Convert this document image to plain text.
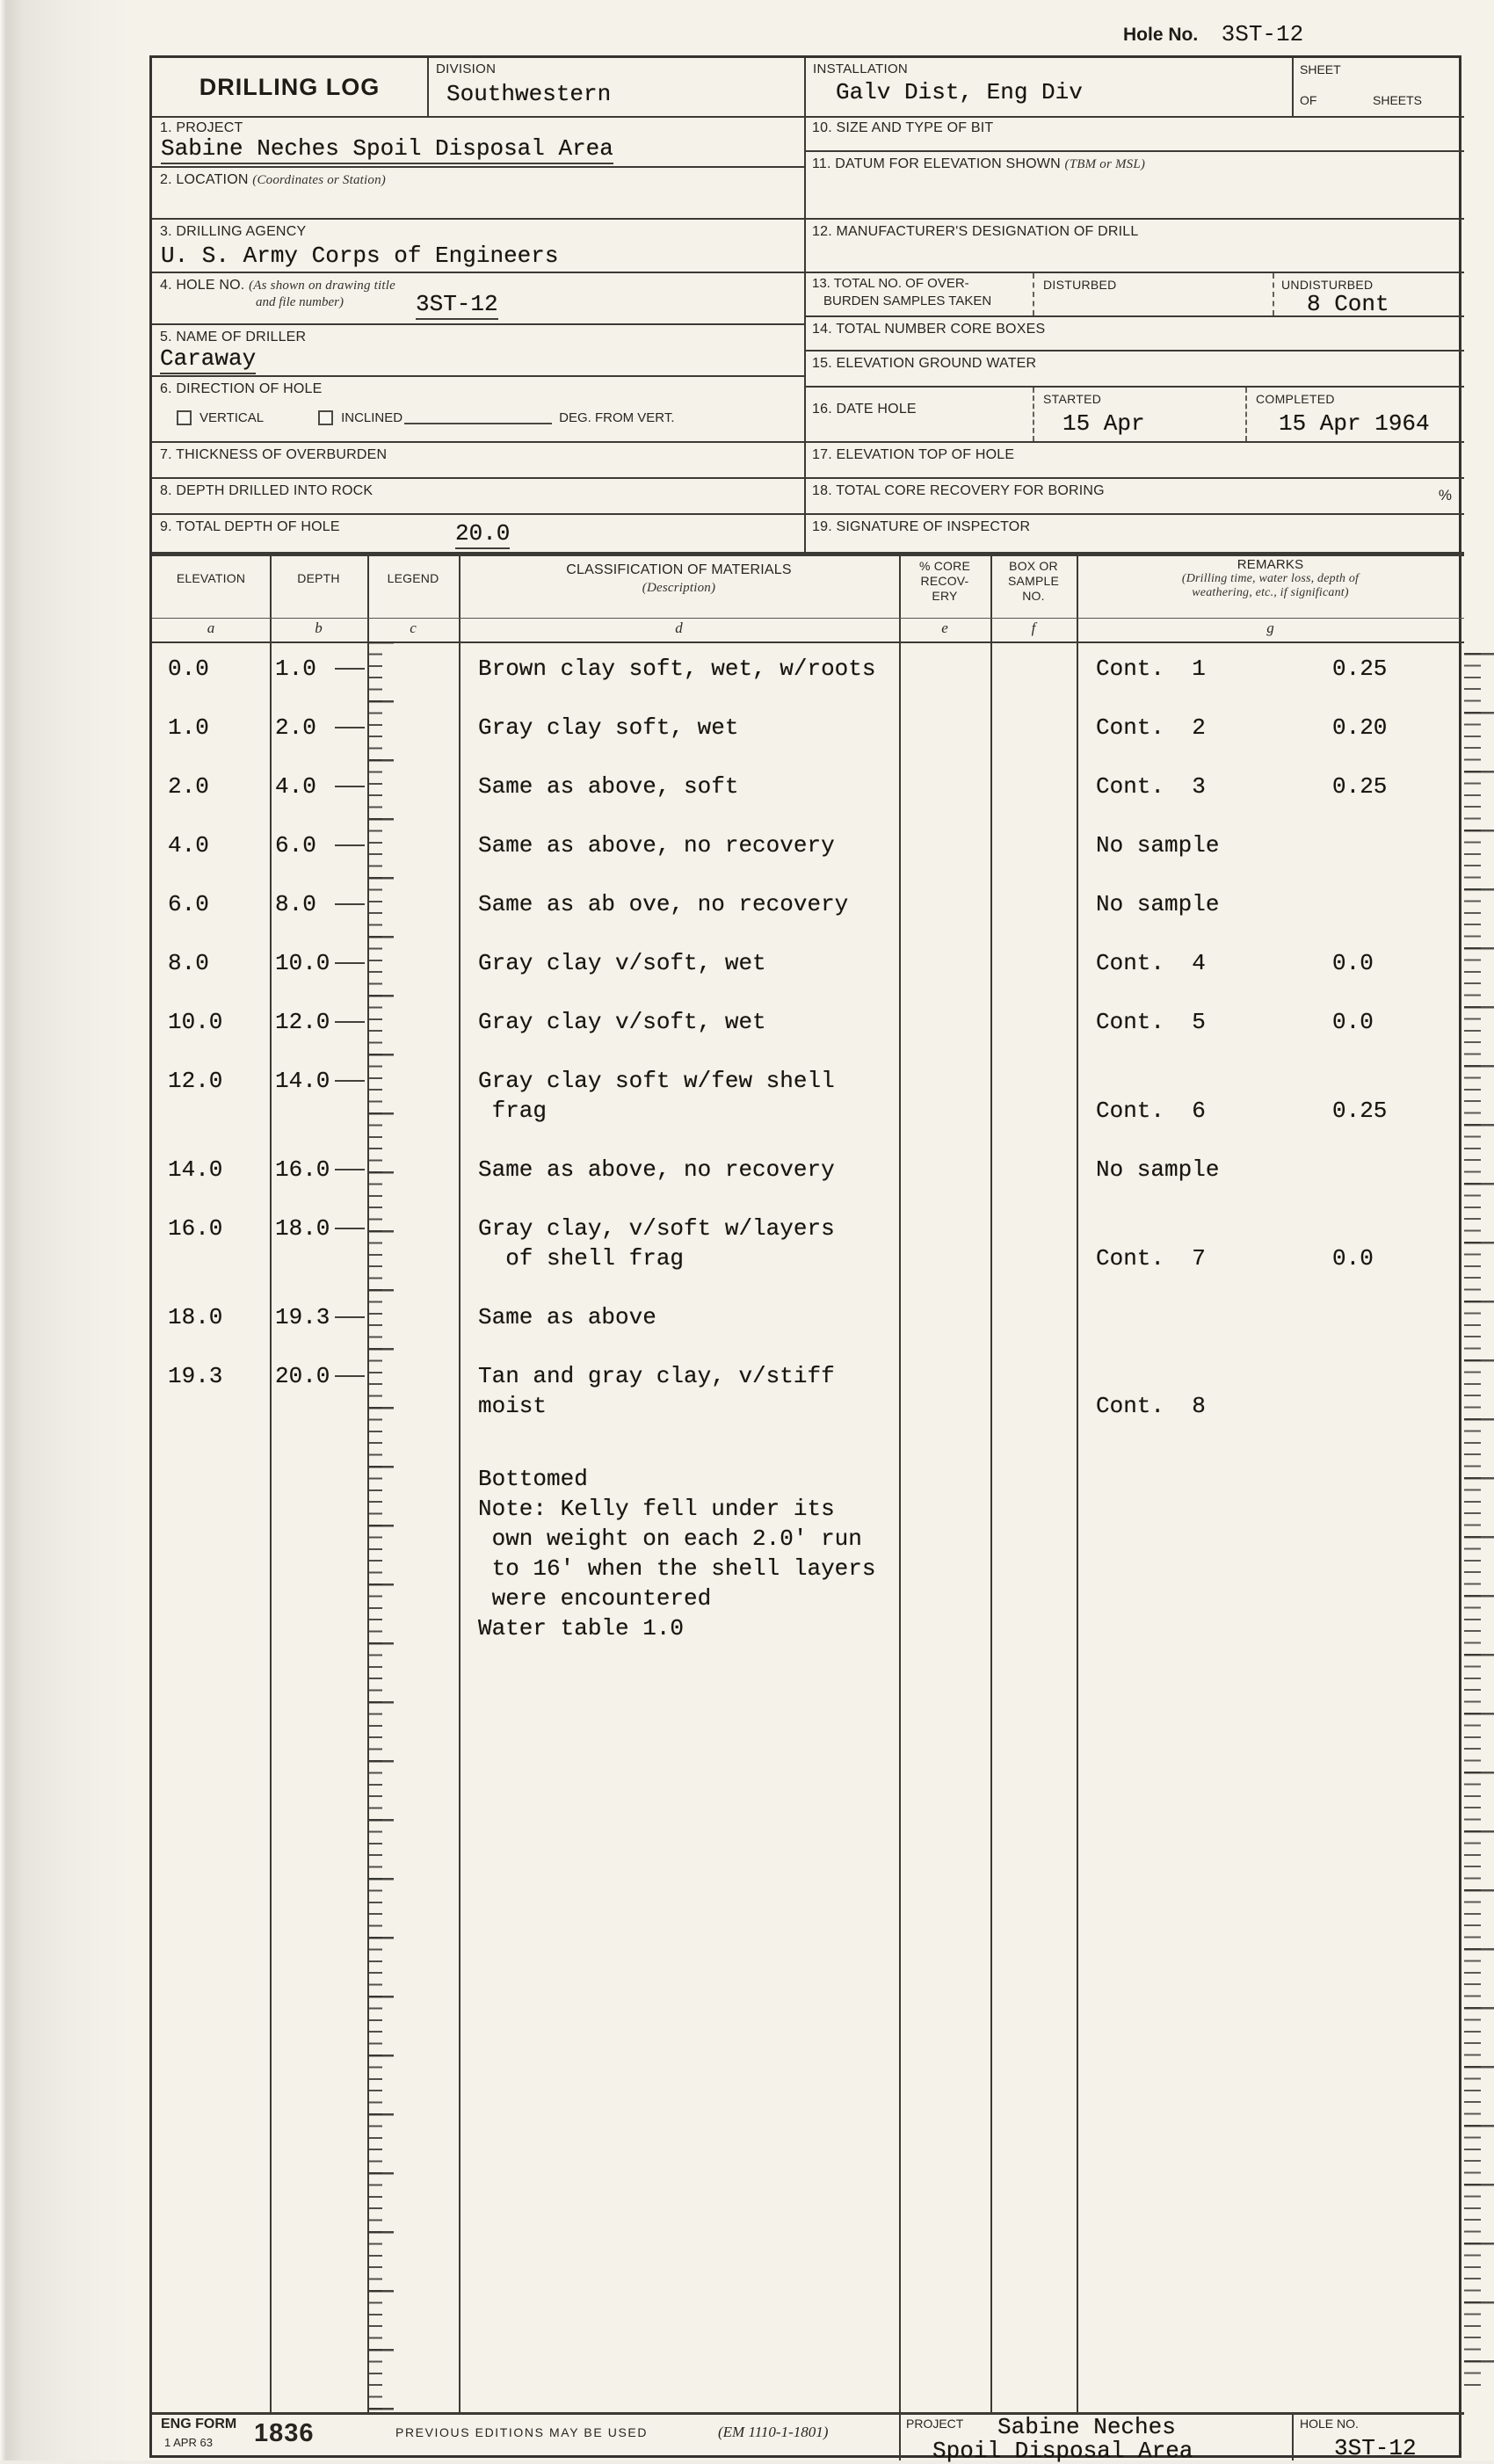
Hole No. 3ST-12
DRILLING LOG
DIVISION
Southwestern
INSTALLATION
Galv Dist, Eng Div
SHEET
OF	SHEETS
1. PROJECT
Sabine Neches Spoil Disposal Area
2. LOCATION (Coordinates or Station)
3. DRILLING AGENCY
U. S. Army Corps of Engineers
4. HOLE NO. (As shown on drawing title
and file number)	3ST-12
5. NAME OF DRILLER
Caraway
6. DIRECTION OF HOLE
VERTICAL	INCLINED	DEG. FROM VERT.
7. THICKNESS OF OVERBURDEN
8. DEPTH DRILLED INTO ROCK
9. TOTAL DEPTH OF HOLE	20.0
10. SIZE AND TYPE OF BIT
11. DATUM FOR ELEVATION SHOWN (TBM or MSL)
12. MANUFACTURER'S DESIGNATION OF DRILL
13. TOTAL NO. OF OVER-
BURDEN SAMPLES TAKEN
DISTURBED	UNDISTURBED
8 Cont
14. TOTAL NUMBER CORE BOXES
15. ELEVATION GROUND WATER
16. DATE HOLE
STARTED	COMPLETED
15 Apr	15 Apr 1964
17. ELEVATION TOP OF HOLE
18. TOTAL CORE RECOVERY FOR BORING	%
19. SIGNATURE OF INSPECTOR
ELEVATION	DEPTH	LEGEND
CLASSIFICATION OF MATERIALS
(Description)
% CORE
RECOV-
ERY
BOX OR
SAMPLE
NO.
REMARKS
(Drilling time, water loss, depth of
weathering, etc., if significant)
a	b	c	d	e	f	g
0.0	1.0	Brown clay soft, wet, w/roots	Cont.  1	0.25
1.0	2.0	Gray clay soft, wet	Cont.  2	0.20
2.0	4.0	Same as above, soft	Cont.  3	0.25
4.0	6.0	Same as above, no recovery	No sample
6.0	8.0	Same as ab ove, no recovery	No sample
8.0	10.0	Gray clay v/soft, wet	Cont.  4	0.0
10.0 12.0	Gray clay v/soft, wet	Cont.  5	0.0
12.0 14.0	Gray clay soft w/few shell
frag	Cont.  6	0.25
14.0 16.0	Same as above, no recovery	No sample
16.0 18.0	Gray clay, v/soft w/layers
of shell frag	Cont.  7	0.0
18.0 19.3	Same as above
19.3 20.0	Tan and gray clay, v/stiff
moist	Cont.  8
Bottomed
Note: Kelly fell under its
own weight on each 2.0' run
to 16' when the shell layers
were encountered
Water table 1.0
ENG FORM
1 APR 63 1836	PREVIOUS EDITIONS MAY BE USED	(EM 1110-1-1801)	PROJECT Sabine Neches
Spoil Disposal Area
HOLE NO.
3ST-12
